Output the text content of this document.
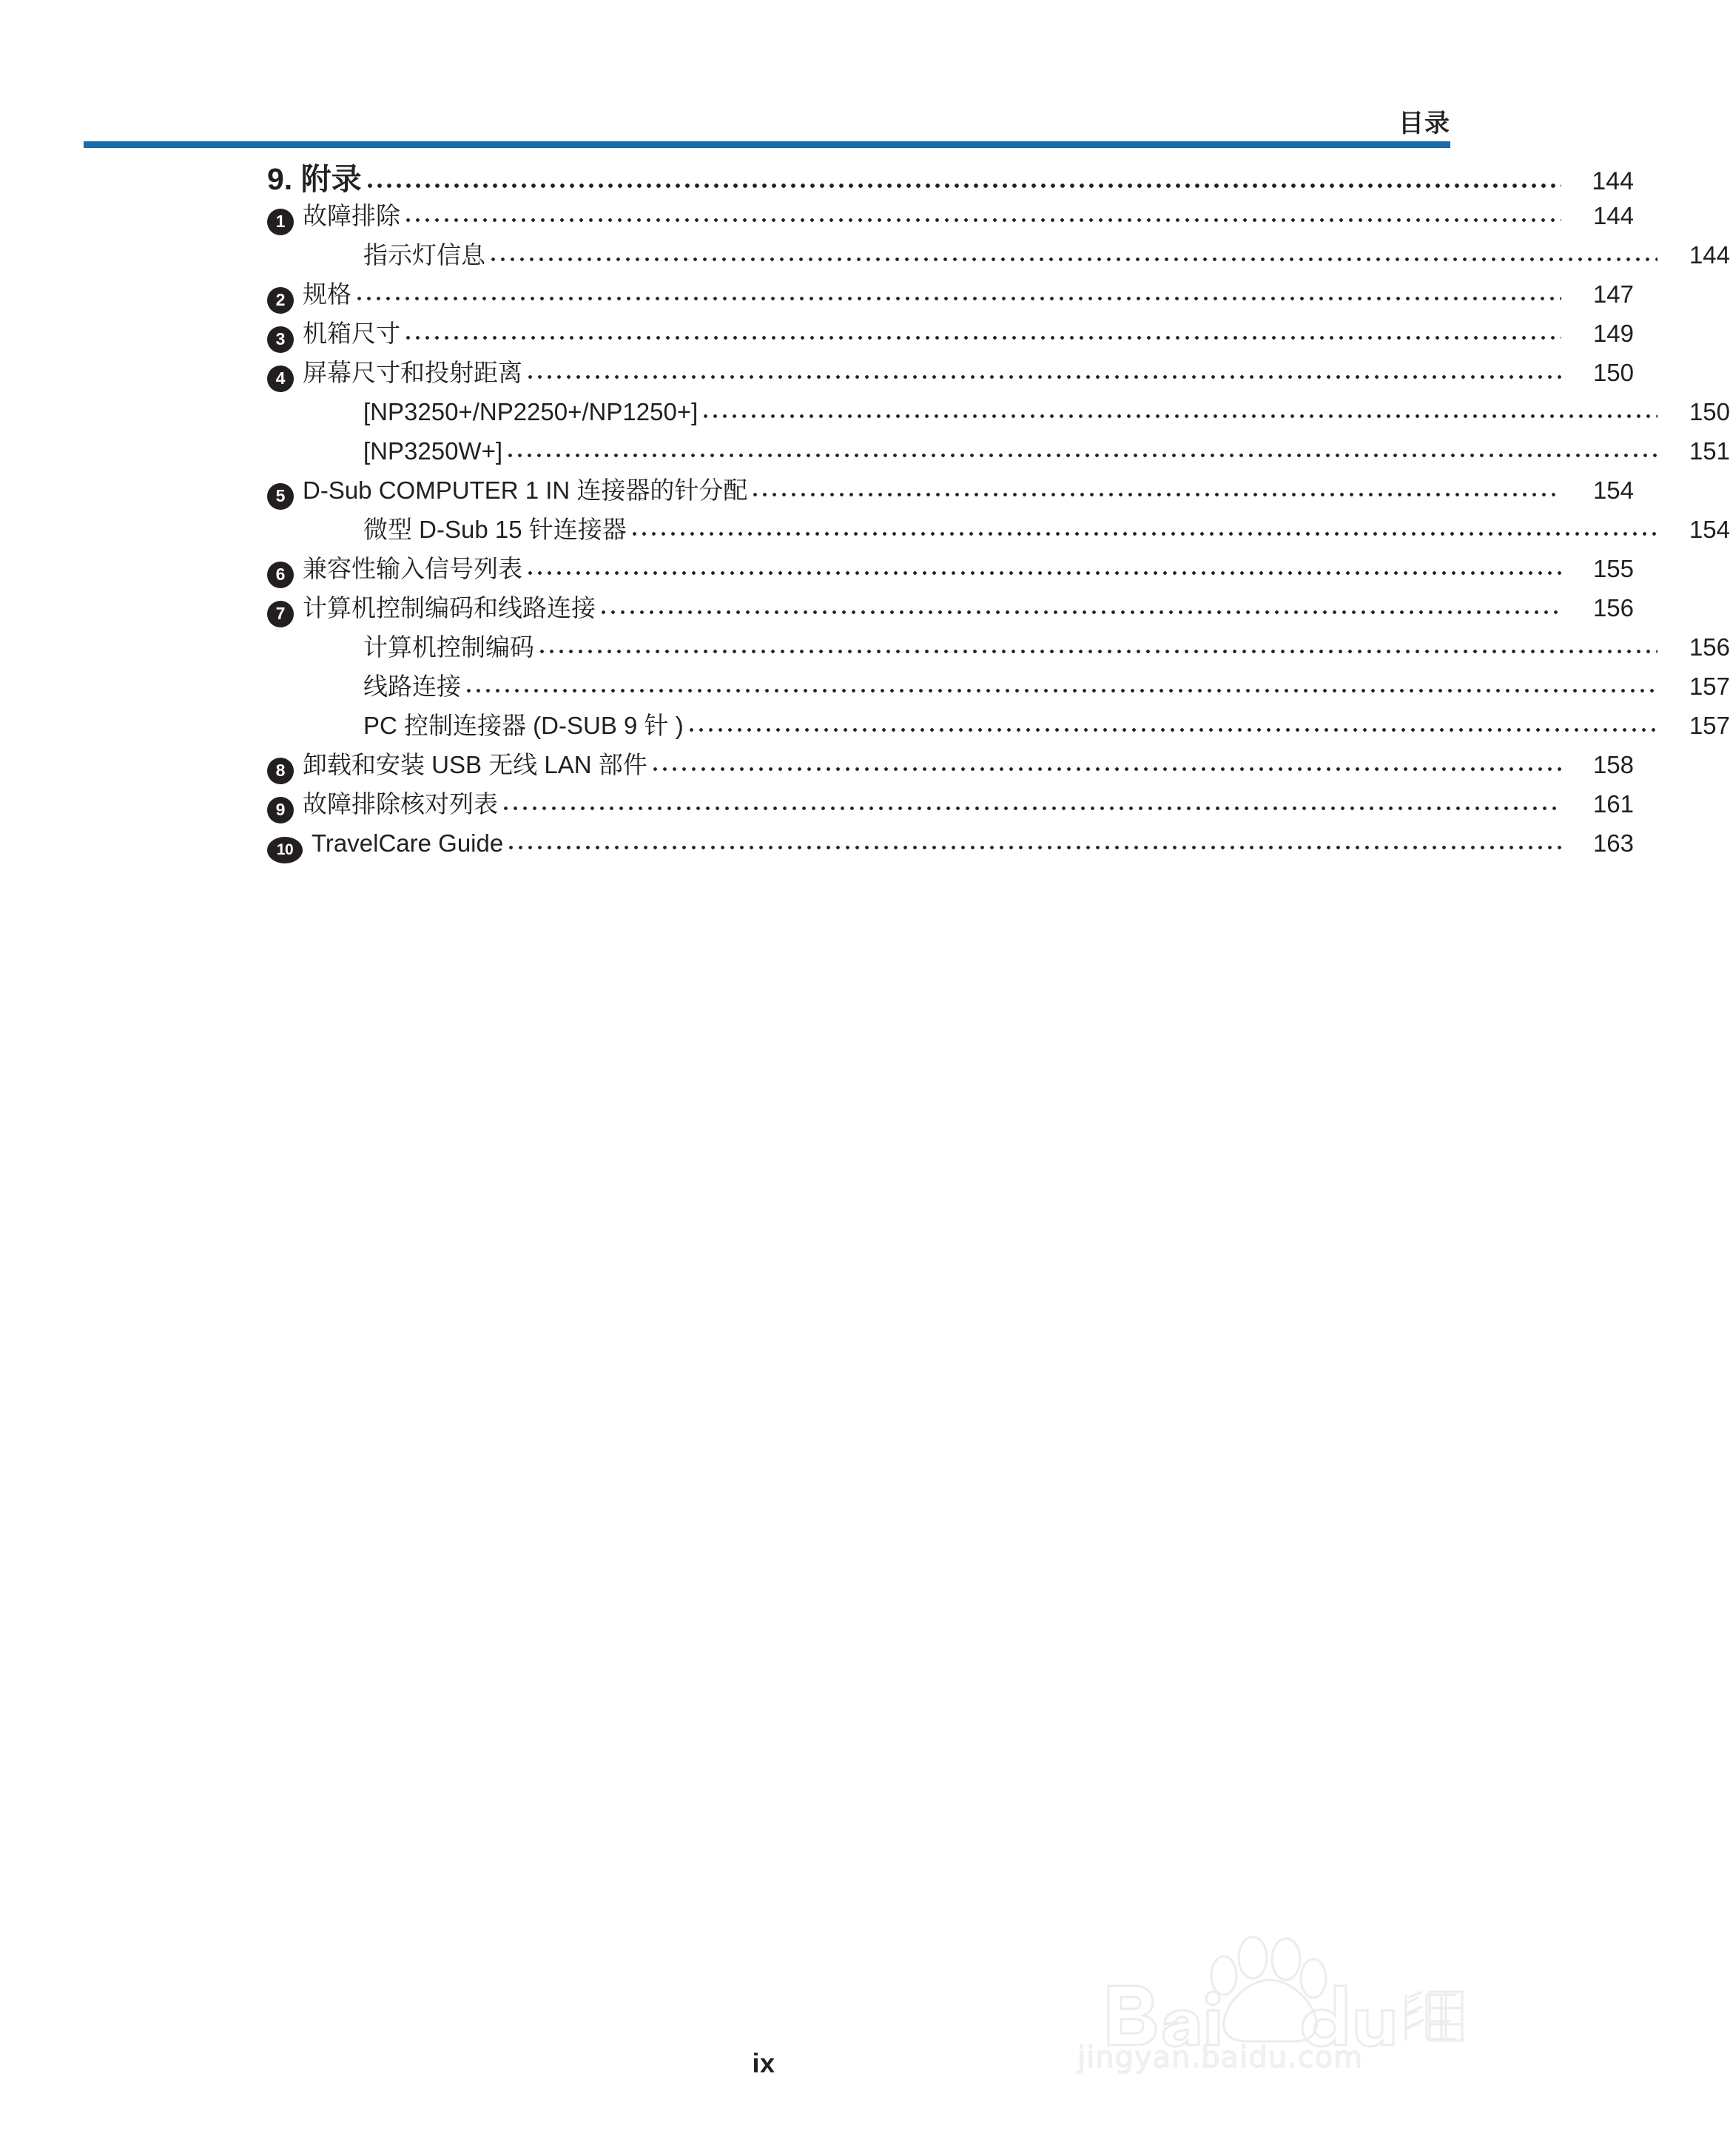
目录
9. 附录	144
1 故障排除	144
指示灯信息	144
2 规格	147
3 机箱尺寸	149
4 屏幕尺寸和投射距离	150
[NP3250+/NP2250+/NP1250+]	150
[NP3250W+]	151
5 D-Sub COMPUTER 1 IN 连接器的针分配	154
微型 D-Sub 15 针连接器	154
6 兼容性输入信号列表	155
7 计算机控制编码和线路连接	156
计算机控制编码	156
线路连接	157
PC 控制连接器 (D-SUB 9 针 )	157
8 卸载和安装 USB 无线 LAN 部件	158
9 故障排除核对列表	161
10 TravelCare Guide	163
ix	jingyan.baidu.com
